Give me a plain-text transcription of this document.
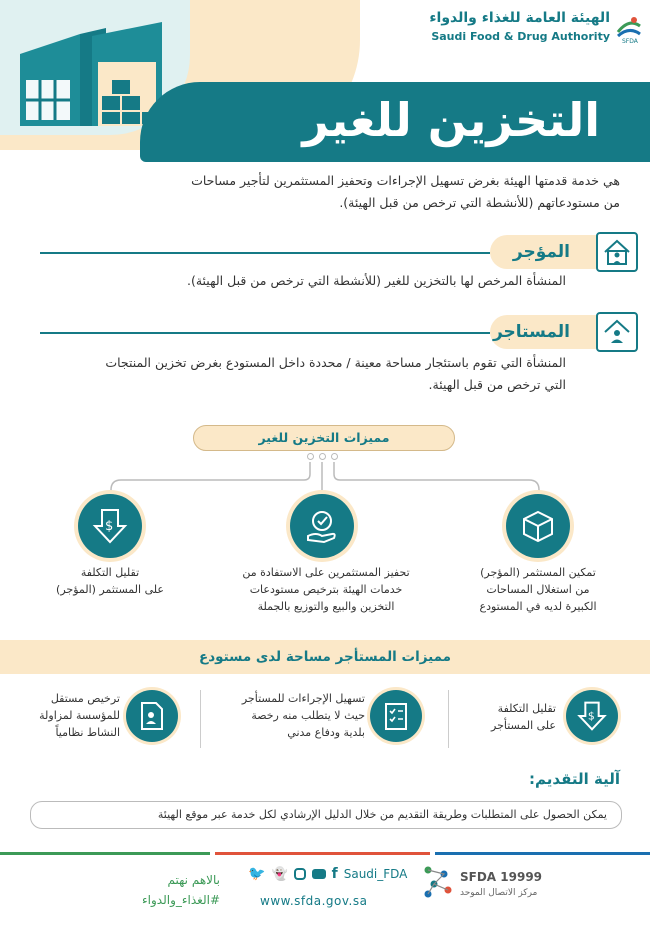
الهيئة العامة للغذاء والدواء
Saudi Food & Drug Authority SFDA
التخزين للغير
هي خدمة قدمتها الهيئة بغرض تسهيل الإجراءات وتحفيز المستثمرين لتأجير مساحات
من مستودعاتهم (للأنشطة التي ترخص من قبل الهيئة).
المؤجر
المنشأة المرخص لها بالتخزين للغير (للأنشطة التي ترخص من قبل الهيئة).
المستاجر
المنشأة التي تقوم باستئجار مساحة معينة / محددة داخل المستودع بغرض تخزين المنتجات
التي ترخص من قبل الهيئة.
مميزات التخزين للغير
تمكين المستثمر (المؤجر)
من استغلال المساحات
الكبيرة لديه في المستودع
تحفيز المستثمرين على الاستفادة من
خدمات الهيئة بترخيص مستودعات
التخزين والبيع والتوزيع بالجملة
$
تقليل التكلفة
على المستثمر (المؤجر)
مميزات المستأجر مساحة لدى مستودع
$
تقليل التكلفة
على المستأجر
تسهيل الإجراءات للمستأجر
حيث لا يتطلب منه رخصة
بلدية ودفاع مدني
ترخيص مستقل
للمؤسسة لمزاولة
النشاط نظامياً
آلية التقديم:
يمكن الحصول على المتطلبات وطريقة التقديم من خلال الدليل الإرشادي لكل خدمة عبر موقع الهيئة
بالاهم نهتم
#الغذاء_والدواء
🐦 👻	f Saudi_FDA
www.sfda.gov.sa
SFDA 19999
مركز الاتصال الموحد
